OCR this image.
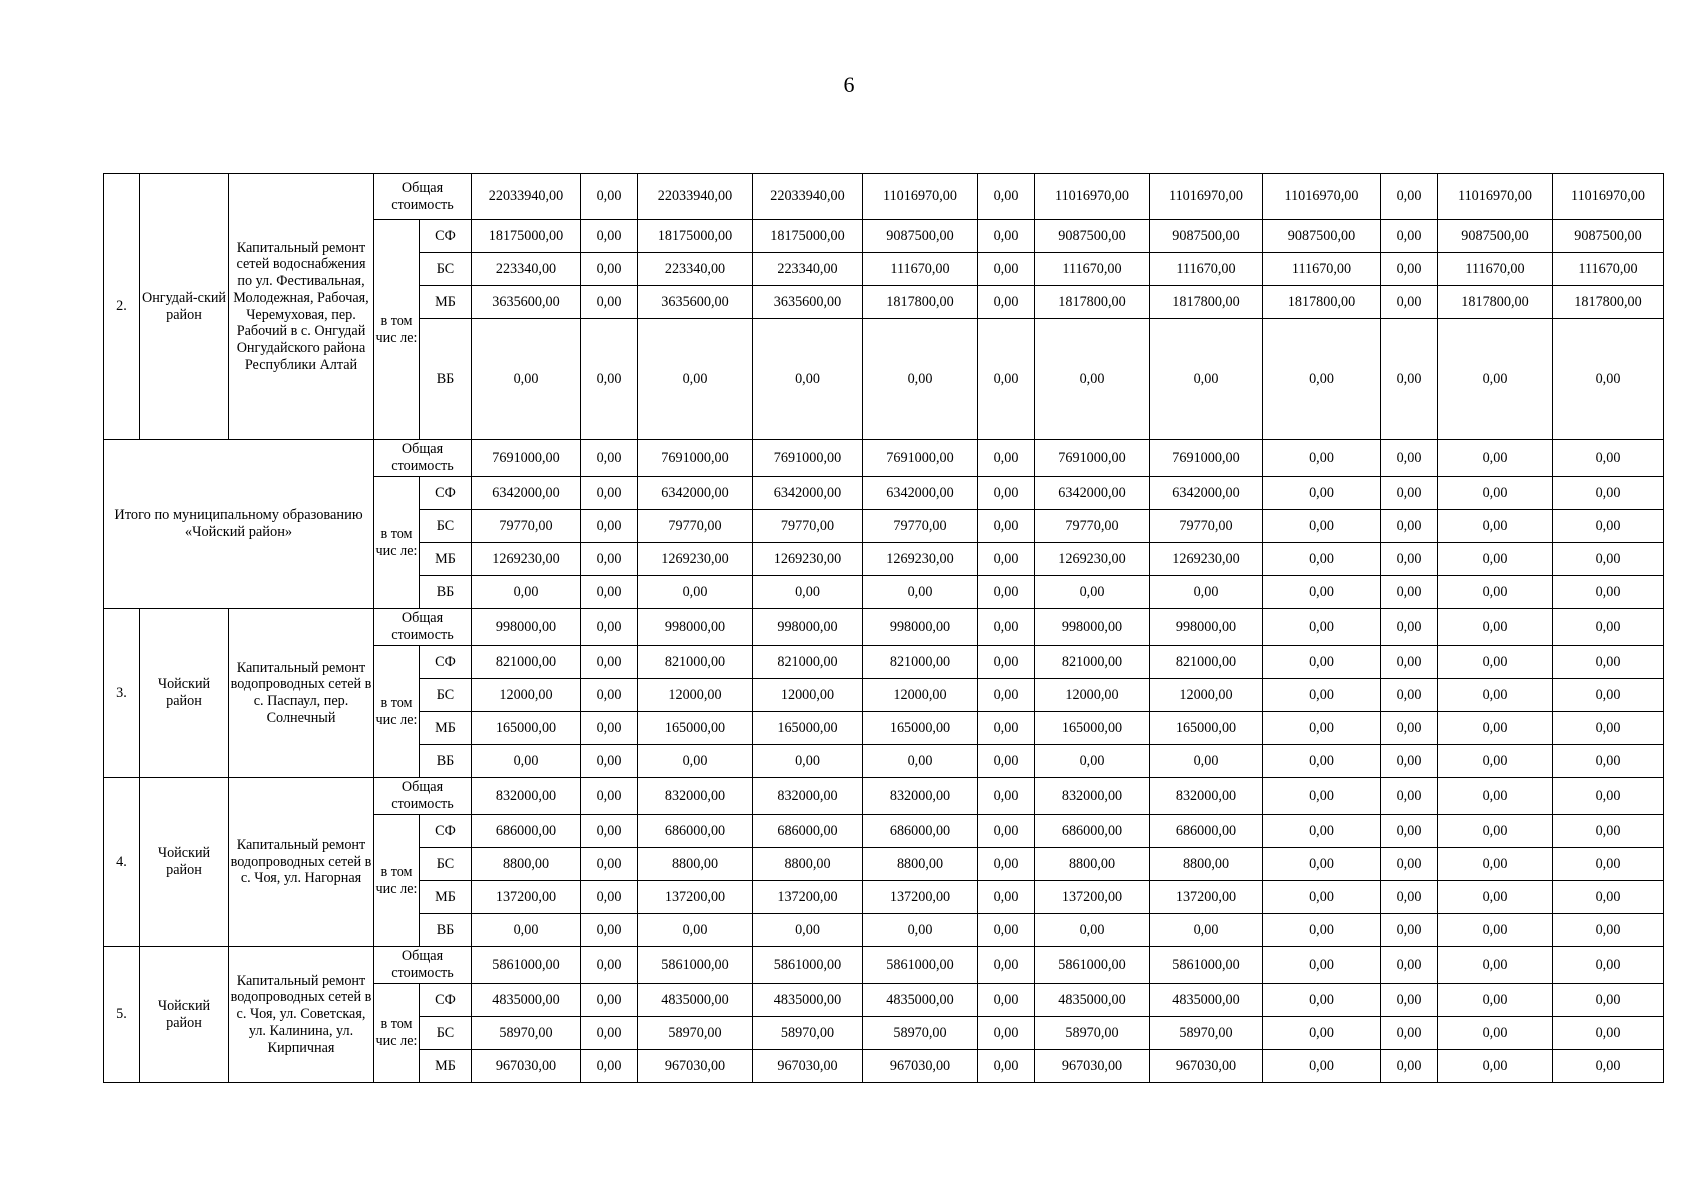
6
2.	Онгудай-ский район	Капитальный ремонт сетей водоснабжения по ул. Фестивальная, Молодежная, Рабочая, Черемуховая, пер. Рабочий в с. Онгудай Онгудайского района Республики Алтай	Общая стоимость		22033940,00	0,00	22033940,00	22033940,00	11016970,00	0,00	11016970,00	11016970,00	11016970,00	0,00	11016970,00	11016970,00
			в том чис ле:	СФ	18175000,00	0,00	18175000,00	18175000,00	9087500,00	0,00	9087500,00	9087500,00	9087500,00	0,00	9087500,00	9087500,00
				БС	223340,00	0,00	223340,00	223340,00	111670,00	0,00	111670,00	111670,00	111670,00	0,00	111670,00	111670,00
				МБ	3635600,00	0,00	3635600,00	3635600,00	1817800,00	0,00	1817800,00	1817800,00	1817800,00	0,00	1817800,00	1817800,00
				ВБ	0,00	0,00	0,00	0,00	0,00	0,00	0,00	0,00	0,00	0,00	0,00	0,00
Итого по муниципальному образованию «Чойский район»			Общая стоимость		7691000,00	0,00	7691000,00	7691000,00	7691000,00	0,00	7691000,00	7691000,00	0,00	0,00	0,00	0,00
			в том чис ле:	СФ	6342000,00	0,00	6342000,00	6342000,00	6342000,00	0,00	6342000,00	6342000,00	0,00	0,00	0,00	0,00
				БС	79770,00	0,00	79770,00	79770,00	79770,00	0,00	79770,00	79770,00	0,00	0,00	0,00	0,00
				МБ	1269230,00	0,00	1269230,00	1269230,00	1269230,00	0,00	1269230,00	1269230,00	0,00	0,00	0,00	0,00
				ВБ	0,00	0,00	0,00	0,00	0,00	0,00	0,00	0,00	0,00	0,00	0,00	0,00
3.	Чойский район	Капитальный ремонт водопроводных сетей в с. Паспаул, пер. Солнечный	Общая стоимость		998000,00	0,00	998000,00	998000,00	998000,00	0,00	998000,00	998000,00	0,00	0,00	0,00	0,00
			в том чис ле:	СФ	821000,00	0,00	821000,00	821000,00	821000,00	0,00	821000,00	821000,00	0,00	0,00	0,00	0,00
				БС	12000,00	0,00	12000,00	12000,00	12000,00	0,00	12000,00	12000,00	0,00	0,00	0,00	0,00
				МБ	165000,00	0,00	165000,00	165000,00	165000,00	0,00	165000,00	165000,00	0,00	0,00	0,00	0,00
				ВБ	0,00	0,00	0,00	0,00	0,00	0,00	0,00	0,00	0,00	0,00	0,00	0,00
4.	Чойский район	Капитальный ремонт водопроводных сетей в с. Чоя, ул. Нагорная	Общая стоимость		832000,00	0,00	832000,00	832000,00	832000,00	0,00	832000,00	832000,00	0,00	0,00	0,00	0,00
			в том чис ле:	СФ	686000,00	0,00	686000,00	686000,00	686000,00	0,00	686000,00	686000,00	0,00	0,00	0,00	0,00
				БС	8800,00	0,00	8800,00	8800,00	8800,00	0,00	8800,00	8800,00	0,00	0,00	0,00	0,00
				МБ	137200,00	0,00	137200,00	137200,00	137200,00	0,00	137200,00	137200,00	0,00	0,00	0,00	0,00
				ВБ	0,00	0,00	0,00	0,00	0,00	0,00	0,00	0,00	0,00	0,00	0,00	0,00
5.	Чойский район	Капитальный ремонт водопроводных сетей в с. Чоя, ул. Советская, ул. Калинина, ул. Кирпичная	Общая стоимость		5861000,00	0,00	5861000,00	5861000,00	5861000,00	0,00	5861000,00	5861000,00	0,00	0,00	0,00	0,00
			в том чис ле:	СФ	4835000,00	0,00	4835000,00	4835000,00	4835000,00	0,00	4835000,00	4835000,00	0,00	0,00	0,00	0,00
				БС	58970,00	0,00	58970,00	58970,00	58970,00	0,00	58970,00	58970,00	0,00	0,00	0,00	0,00
				МБ	967030,00	0,00	967030,00	967030,00	967030,00	0,00	967030,00	967030,00	0,00	0,00	0,00	0,00
